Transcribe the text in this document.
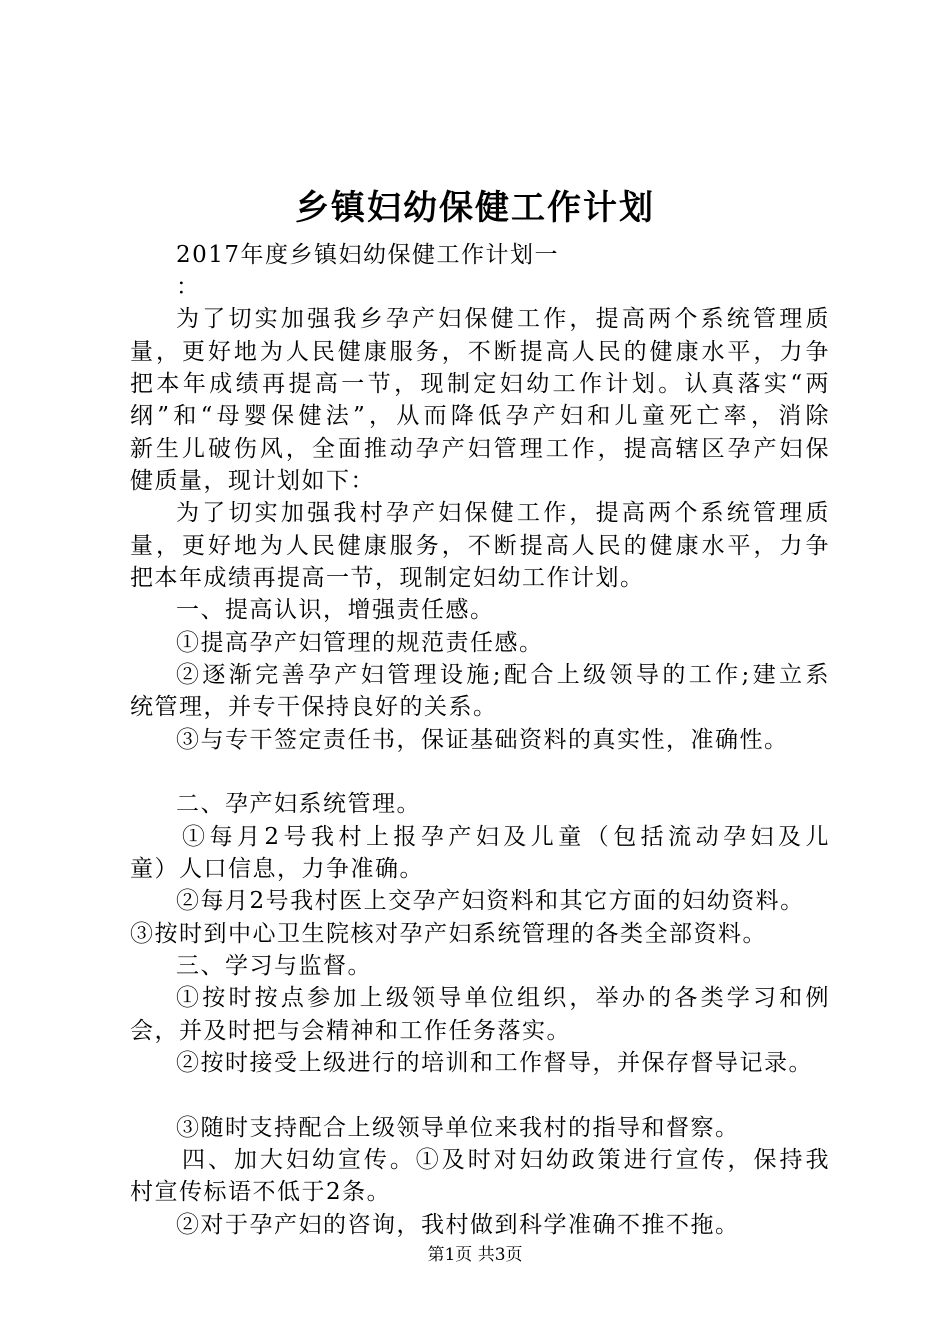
乡镇妇幼保健工作计划
2017年度乡镇妇幼保健工作计划一
：
为了切实加强我乡孕产妇保健工作，提高两个系统管理质
量，更好地为人民健康服务，不断提高人民的健康水平，力争
把本年成绩再提高一节，现制定妇幼工作计划。认真落实“两
纲”和“母婴保健法”，从而降低孕产妇和儿童死亡率，消除
新生儿破伤风，全面推动孕产妇管理工作，提高辖区孕产妇保
健质量，现计划如下：
为了切实加强我村孕产妇保健工作，提高两个系统管理质
量，更好地为人民健康服务，不断提高人民的健康水平，力争
把本年成绩再提高一节，现制定妇幼工作计划。
一、提高认识，增强责任感。
①提高孕产妇管理的规范责任感。
②逐渐完善孕产妇管理设施;配合上级领导的工作;建立系
统管理，并专干保持良好的关系。
③与专干签定责任书，保证基础资料的真实性，准确性。
二、孕产妇系统管理。
①每月2号我村上报孕产妇及儿童（包括流动孕妇及儿
童）人口信息，力争准确。
②每月2号我村医上交孕产妇资料和其它方面的妇幼资料。
③按时到中心卫生院核对孕产妇系统管理的各类全部资料。
三、学习与监督。
①按时按点参加上级领导单位组织，举办的各类学习和例
会，并及时把与会精神和工作任务落实。
②按时接受上级进行的培训和工作督导，并保存督导记录。
③随时支持配合上级领导单位来我村的指导和督察。
四、加大妇幼宣传。①及时对妇幼政策进行宣传，保持我
村宣传标语不低于2条。
②对于孕产妇的咨询，我村做到科学准确不推不拖。
第1页 共3页
